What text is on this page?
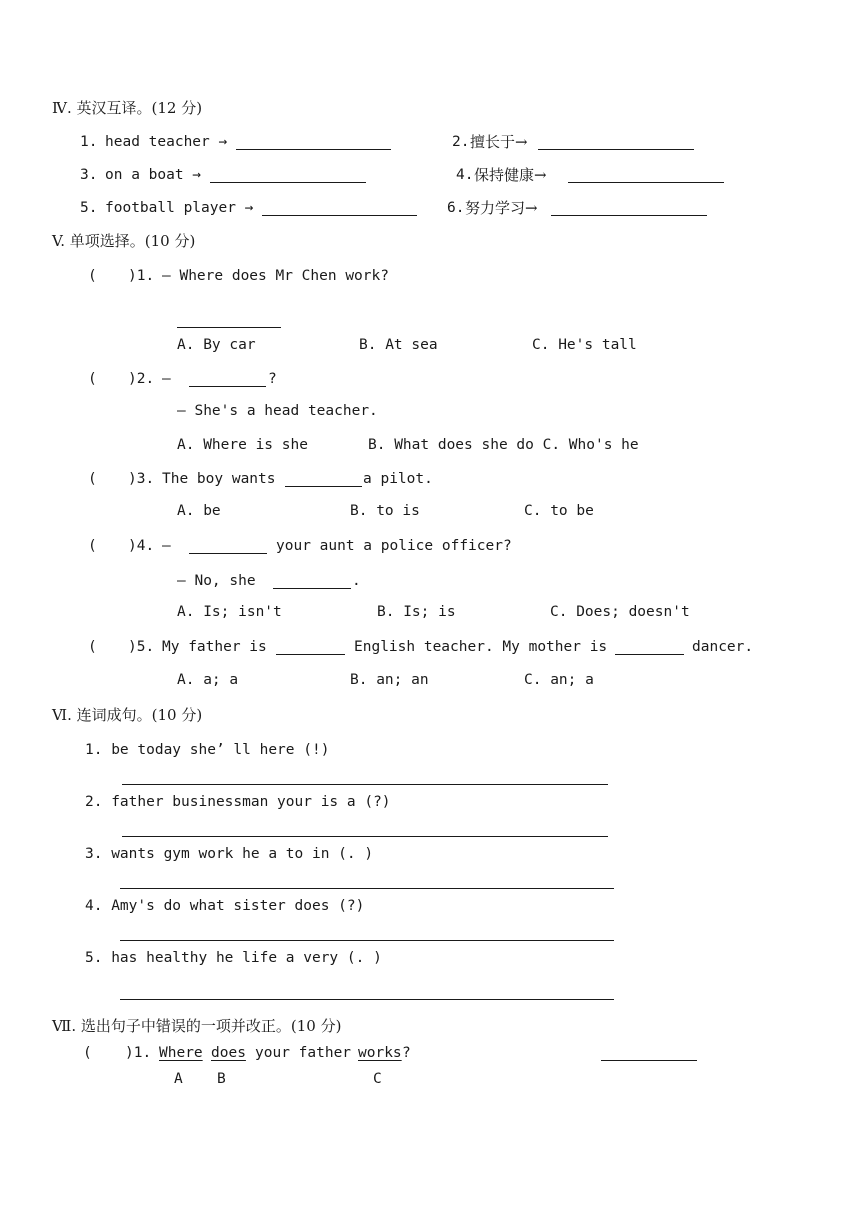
Ⅳ. 英汉互译。(12 分)
1. head teacher →	2. 擅长于→
3. on a boat →	4. 保持健康→
5. football player →	6. 努力学习→
V. 单项选择。(10 分)
( )1. — Where does Mr Chen work?
A. By car	B. At sea	C. He's tall
( )2. —	?
— She's a head teacher.
A. Where is she	B. What does she do C. Who's he
( )3. The boy wants	a pilot.
A. be	B. to is	C. to be
( )4. —	your aunt a police officer?
— No, she	.
A. Is; isn't	B. Is; is	C. Does; doesn't
( )5. My father is	English teacher. My mother is	dancer.
A. a; a	B. an; an	C. an; a
Ⅵ. 连词成句。(10 分)
1. be today she’ ll here (!)
2. father businessman your is a (?)
3. wants gym work he a to in (. )
4. Amy's do what sister does (?)
5. has healthy he life a very (. )
Ⅶ. 选出句子中错误的一项并改正。(10 分)
( )1. Where does your father works ?
A B	C
